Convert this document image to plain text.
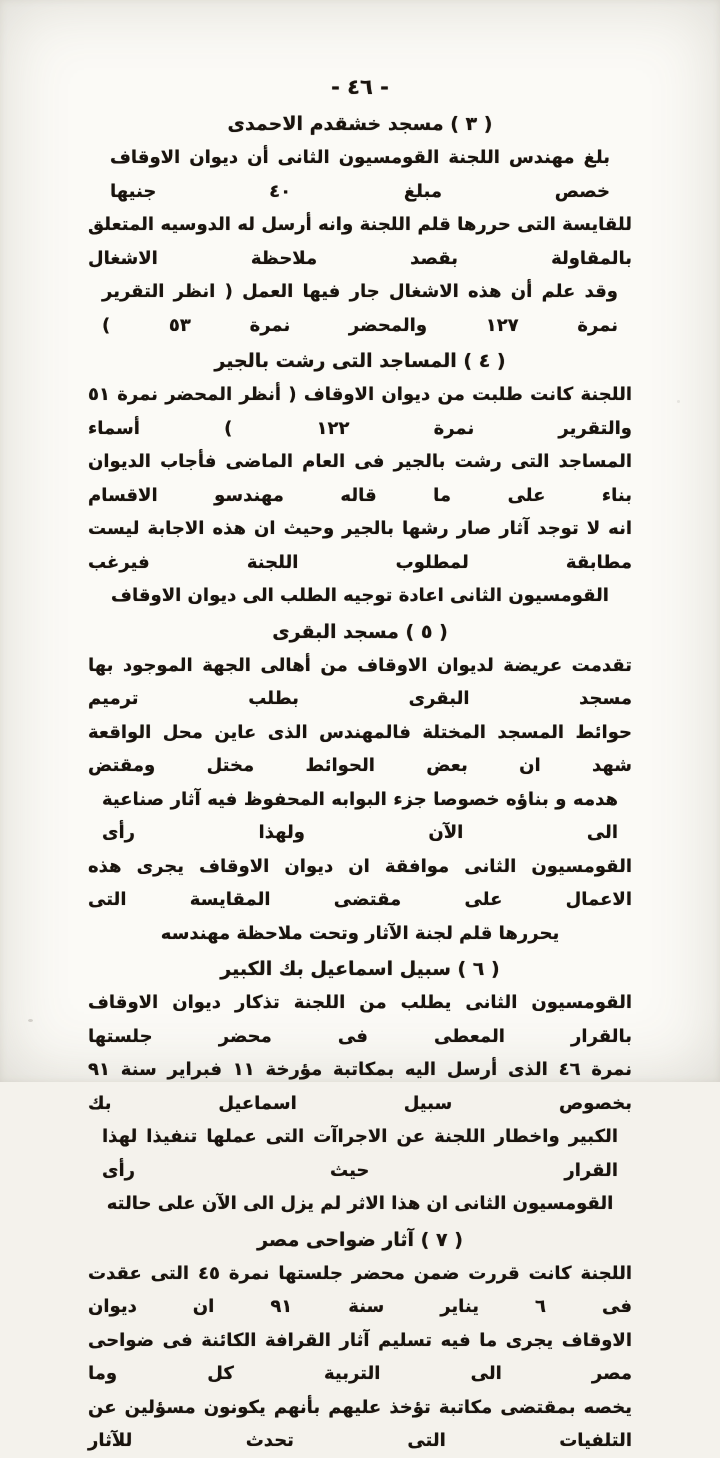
- ٤٦ -
( ٣ ) مسجد خشقدم الاحمدى
بلغ مهندس اللجنة القومسيون الثانى أن ديوان الاوقاف خصص مبلغ ٤٠ جنيها
للقايسة التى حررها قلم اللجنة وانه أرسل له الدوسيه المتعلق بالمقاولة بقصد ملاحظة الاشغال
وقد علم أن هذه الاشغال جار فيها العمل ( انظر التقرير نمرة ١٢٧ والمحضر نمرة ٥٣ )
( ٤ ) المساجد التى رشت بالجير
اللجنة كانت طلبت من ديوان الاوقاف ( أنظر المحضر نمرة ٥١ والتقرير نمرة ١٢٢ ) أسماء
المساجد التى رشت بالجير فى العام الماضى فأجاب الديوان بناء على ما قاله مهندسو الاقسام
انه لا توجد آثار صار رشها بالجير وحيث ان هذه الاجابة ليست مطابقة لمطلوب اللجنة فيرغب
القومسيون الثانى اعادة توجيه الطلب الى ديوان الاوقاف
( ٥ ) مسجد البقرى
تقدمت عريضة لديوان الاوقاف من أهالى الجهة الموجود بها مسجد البقرى بطلب ترميم
حوائط المسجد المختلة فالمهندس الذى عاين محل الواقعة شهد ان بعض الحوائط مختل ومقتض
هدمه و بناؤه خصوصا جزء البوابه المحفوظ فيه آثار صناعية الى الآن ولهذا رأى
القومسيون الثانى موافقة ان ديوان الاوقاف يجرى هذه الاعمال على مقتضى المقايسة التى
يحررها قلم لجنة الآثار وتحت ملاحظة مهندسه
( ٦ ) سبيل اسماعيل بك الكبير
القومسيون الثانى يطلب من اللجنة تذكار ديوان الاوقاف بالقرار المعطى فى محضر جلستها
نمرة ٤٦ الذى أرسل اليه بمكاتبة مؤرخة ١١ فبراير سنة ٩١ بخصوص سبيل اسماعيل بك
الكبير واخطار اللجنة عن الاجراآت التى عملها تنفيذا لهذا القرار حيث رأى
القومسيون الثانى ان هذا الاثر لم يزل الى الآن على حالته
( ٧ ) آثار ضواحى مصر
اللجنة كانت قررت ضمن محضر جلستها نمرة ٤٥ التى عقدت فى ٦ يناير سنة ٩١ ان ديوان
الاوقاف يجرى ما فيه تسليم آثار القرافة الكائنة فى ضواحى مصر الى التربية كل وما
يخصه بمقتضى مكاتبة تؤخذ عليهم بأنهم يكونون مسؤلين عن التلفيات التى تحدث للآثار
